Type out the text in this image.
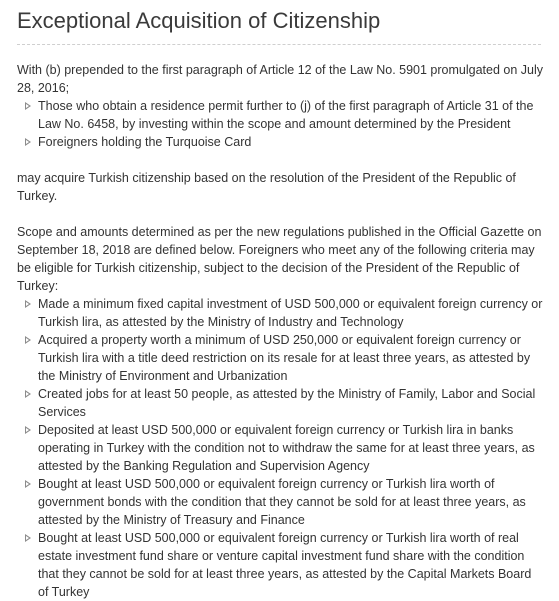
Exceptional Acquisition of Citizenship

With (b) prepended to the first paragraph of Article 12 of the Law No. 5901 promulgated on July 28, 2016;

Those who obtain a residence permit further to (j) of the first paragraph of Article 31 of the Law No. 6458, by investing within the scope and amount determined by the President
Foreigners holding the Turquoise Card

may acquire Turkish citizenship based on the resolution of the President of the Republic of Turkey.

Scope and amounts determined as per the new regulations published in the Official Gazette on September 18, 2018 are defined below. Foreigners who meet any of the following criteria may be eligible for Turkish citizenship, subject to the decision of the President of the Republic of Turkey:

Made a minimum fixed capital investment of USD 500,000 or equivalent foreign currency or Turkish lira, as attested by the Ministry of Industry and Technology
Acquired a property worth a minimum of USD 250,000 or equivalent foreign currency or Turkish lira with a title deed restriction on its resale for at least three years, as attested by the Ministry of Environment and Urbanization
Created jobs for at least 50 people, as attested by the Ministry of Family, Labor and Social Services
Deposited at least USD 500,000 or equivalent foreign currency or Turkish lira in banks operating in Turkey with the condition not to withdraw the same for at least three years, as attested by the Banking Regulation and Supervision Agency
Bought at least USD 500,000 or equivalent foreign currency or Turkish lira worth of government bonds with the condition that they cannot be sold for at least three years, as attested by the Ministry of Treasury and Finance
Bought at least USD 500,000 or equivalent foreign currency or Turkish lira worth of real estate investment fund share or venture capital investment fund share with the condition that they cannot be sold for at least three years, as attested by the Capital Markets Board of Turkey
